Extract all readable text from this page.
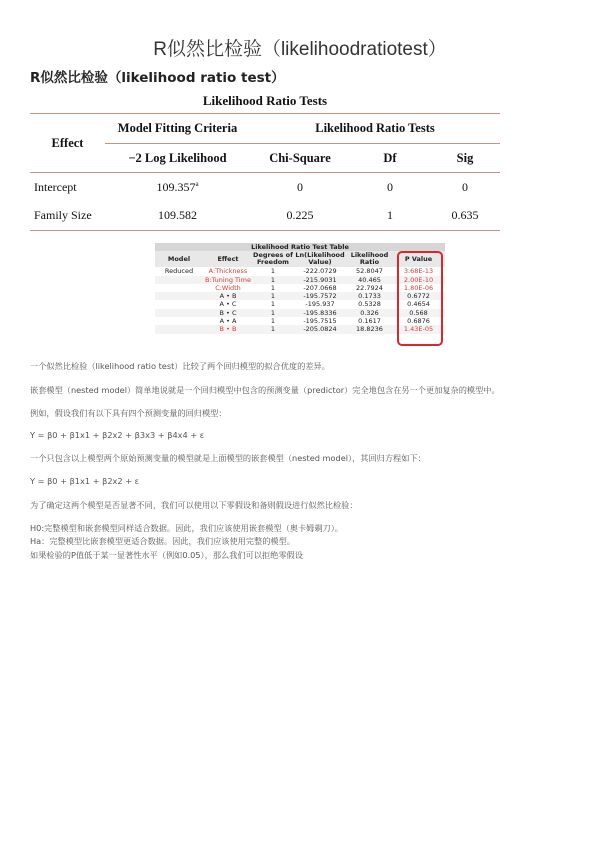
R似然比检验（likelihoodratiotest）
R似然比检验（likelihood ratio test）
Likelihood Ratio Tests
Effect	Model Fitting Criteria	Likelihood Ratio Tests		
	−2 Log Likelihood	Chi-Square	Df	Sig
Intercept	109.357$^a$	0	0	0
Family Size	109.582	0.225	1	0.635
Likelihood Ratio Test Table					
Model	Effect	Degrees of Freedom	Ln(Likelihood Value)	Likelihood Ratio	P Value
Reduced	A:Thickness	1	-222.0729	52.8047	3.68E-13
	B:Tuning Time	1	-215.9031	40.465	2.00E-10
	C:Width	1	-207.0668	22.7924	1.80E-06
	A • B	1	-195.7572	0.1733	0.6772
	A • C	1	-195.937	0.5328	0.4654
	B • C	1	-195.8336	0.326	0.568
	A • A	1	-195.7515	0.1617	0.6876
	B • B	1	-205.0824	18.8236	1.43E-05
一个似然比检验（likelihood ratio test）比较了两个回归模型的拟合优度的差异。
嵌套模型（nested model）简单地说就是一个回归模型中包含的预测变量（predictor）完全地包含在另一个更加复杂的模型中。
例如，假设我们有以下具有四个预测变量的回归模型：
Y = β0 + β1x1 + β2x2 + β3x3 + β4x4 + ε
一个只包含以上模型两个原始预测变量的模型就是上面模型的嵌套模型（nested model），其回归方程如下：
Y = β0 + β1x1 + β2x2 + ε
为了确定这两个模型是否显著不同，我们可以使用以下零假设和备则假设进行似然比检验：
H0:完整模型和嵌套模型同样适合数据。因此，我们应该使用嵌套模型（奥卡姆剃刀）。
Ha：完整模型比嵌套模型更适合数据。因此，我们应该使用完整的模型。
如果检验的P值低于某一显著性水平（例如0.05），那么我们可以拒绝零假设
